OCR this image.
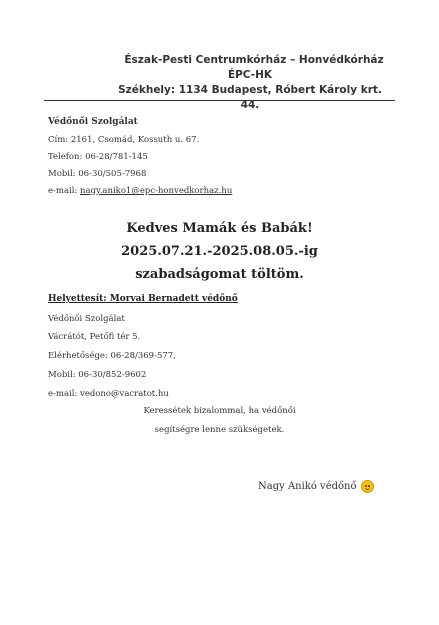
Észak-Pesti Centrumkórház – Honvédkórház
ÉPC-HK
Székhely: 1134 Budapest, Róbert Károly krt. 44.
Védőnői Szolgálat
Cím: 2161, Csomád, Kossuth u. 67.
Telefon: 06-28/781-145
Mobil: 06-30/505-7968
e-mail: nagy.aniko1@epc-honvedkorhaz.hu
Kedves Mamák és Babák!
2025.07.21.-2025.08.05.-ig
szabadságomat töltöm.
Helyettesít: Morvai Bernadett védőnő
Védőnői Szolgálat
Vácrátót, Petőfi tér 5.
Elérhetősége: 06-28/369-577,
Mobil: 06-30/852-9602
e-mail: vedono@vacratot.hu
Keressétek bizalommal, ha védőnői
segítségre lenne szükségetek.
Nagy Anikó védőnő
